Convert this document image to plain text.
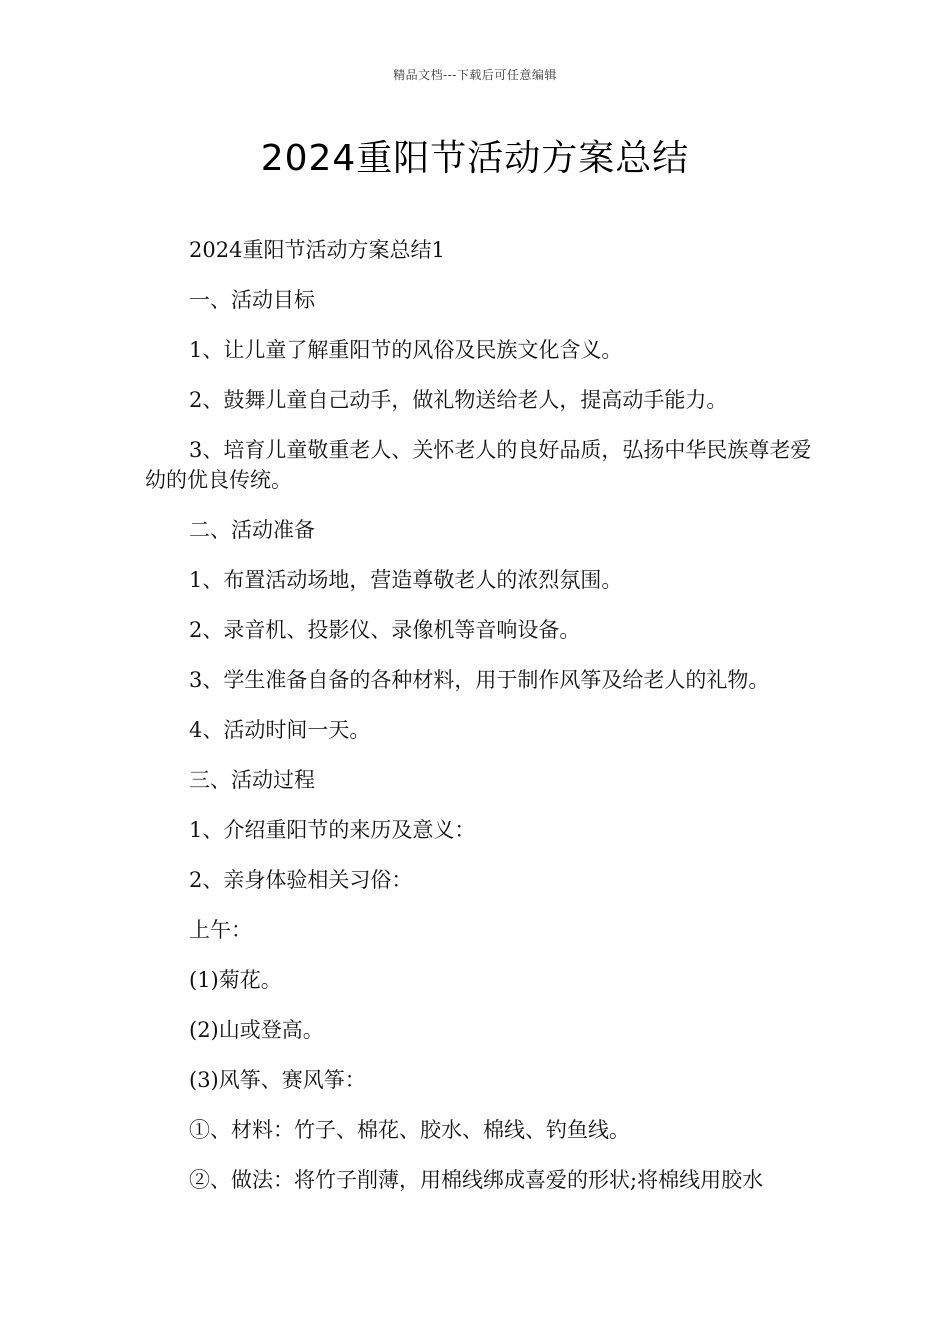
精品文档---下载后可任意编辑
2024重阳节活动方案总结

2024重阳节活动方案总结1

一、活动目标

1、让儿童了解重阳节的风俗及民族文化含义。

2、鼓舞儿童自己动手，做礼物送给老人，提高动手能力。

3、培育儿童敬重老人、关怀老人的良好品质，弘扬中华民族尊老爱幼的优良传统。

二、活动准备

1、布置活动场地，营造尊敬老人的浓烈氛围。

2、录音机、投影仪、录像机等音响设备。

3、学生准备自备的各种材料，用于制作风筝及给老人的礼物。

4、活动时间一天。

三、活动过程

1、介绍重阳节的来历及意义：

2、亲身体验相关习俗：

上午：

(1)菊花。

(2)山或登高。

(3)风筝、赛风筝：

①、材料：竹子、棉花、胶水、棉线、钓鱼线。

②、做法：将竹子削薄，用棉线绑成喜爱的形状;将棉线用胶水
